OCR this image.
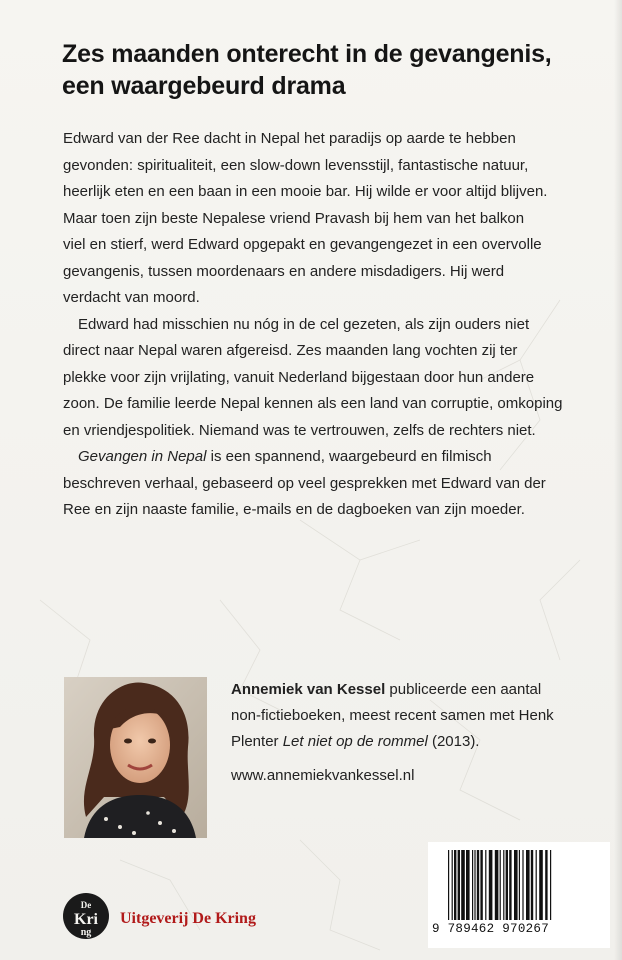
Zes maanden onterecht in de gevangenis,
een waargebeurd drama
Edward van der Ree dacht in Nepal het paradijs op aarde te hebben
gevonden: spiritualiteit, een slow-down levensstijl, fantastische natuur,
heerlijk eten en een baan in een mooie bar. Hij wilde er voor altijd blijven.
Maar toen zijn beste Nepalese vriend Pravash bij hem van het balkon
viel en stierf, werd Edward opgepakt en gevangengezet in een overvolle
gevangenis, tussen moordenaars en andere misdadigers. Hij werd
verdacht van moord.
Edward had misschien nu nóg in de cel gezeten, als zijn ouders niet
direct naar Nepal waren afgereisd. Zes maanden lang vochten zij ter
plekke voor zijn vrijlating, vanuit Nederland bijgestaan door hun andere
zoon. De familie leerde Nepal kennen als een land van corruptie, omkoping
en vriendjespolitiek. Niemand was te vertrouwen, zelfs de rechters niet.
Gevangen in Nepal is een spannend, waargebeurd en filmisch
beschreven verhaal, gebaseerd op veel gesprekken met Edward van der
Ree en zijn naaste familie, e-mails en de dagboeken van zijn moeder.
Annemiek van Kessel publiceerde een aantal
non-fictieboeken, meest recent samen met Henk
Plenter Let niet op de rommel (2013).
www.annemiekvankessel.nl
De
Kri
ng
Uitgeverij De Kring
9 789462 970267
